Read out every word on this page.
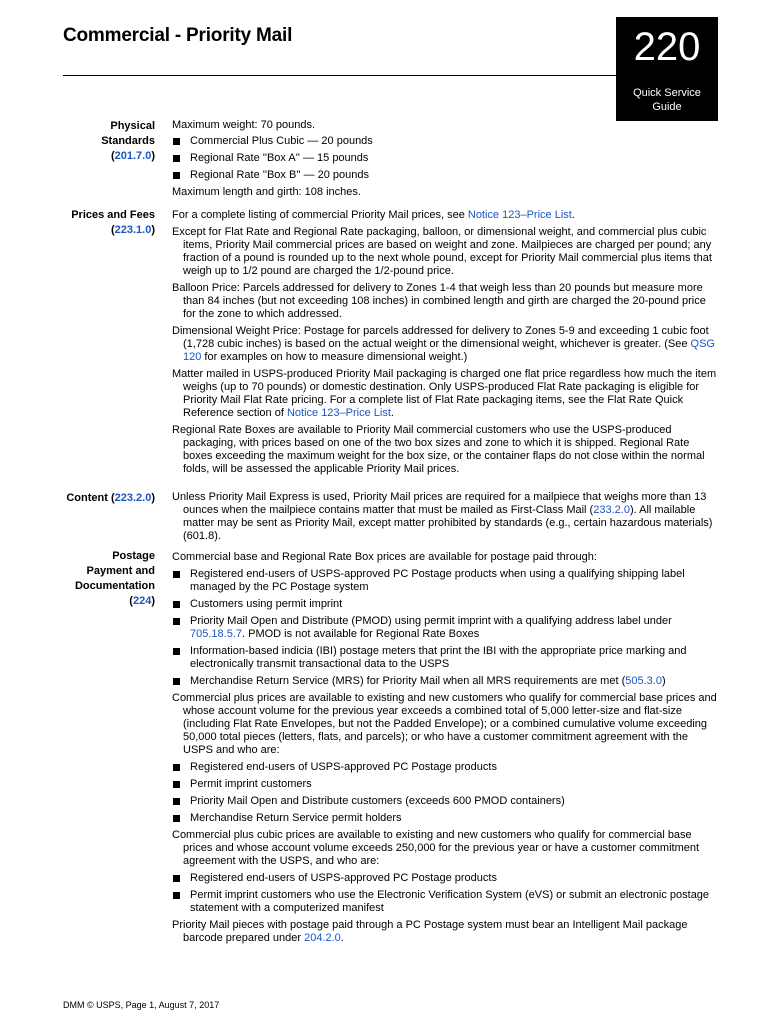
Commercial - Priority Mail	220
Quick Service
Guide
Physical
Standards
(201.7.0)
Maximum weight: 70 pounds.
Commercial Plus Cubic — 20 pounds
Regional Rate ''Box A'' — 15 pounds
Regional Rate ''Box B'' — 20 pounds
Maximum length and girth: 108 inches.
Prices and Fees
(223.1.0)
For a complete listing of commercial Priority Mail prices, see Notice 123–Price List.
Except for Flat Rate and Regional Rate packaging, balloon, or dimensional weight, and commercial plus cubic items, Priority Mail commercial prices are based on weight and zone. Mailpieces are charged per pound; any fraction of a pound is rounded up to the next whole pound, except for Priority Mail commercial plus items that weigh up to 1/2 pound are charged the 1/2-pound price.
Balloon Price: Parcels addressed for delivery to Zones 1-4 that weigh less than 20 pounds but measure more than 84 inches (but not exceeding 108 inches) in combined length and girth are charged the 20-pound price for the zone to which addressed.
Dimensional Weight Price: Postage for parcels addressed for delivery to Zones 5-9 and exceeding 1 cubic foot (1,728 cubic inches) is based on the actual weight or the dimensional weight, whichever is greater. (See QSG 120 for examples on how to measure dimensional weight.)
Matter mailed in USPS-produced Priority Mail packaging is charged one flat price regardless how much the item weighs (up to 70 pounds) or domestic destination. Only USPS-produced Flat Rate packaging is eligible for Priority Mail Flat Rate pricing. For a complete list of Flat Rate packaging items, see the Flat Rate Quick Reference section of Notice 123–Price List.
Regional Rate Boxes are available to Priority Mail commercial customers who use the USPS-produced packaging, with prices based on one of the two box sizes and zone to which it is shipped. Regional Rate boxes exceeding the maximum weight for the box size, or the container flaps do not close within the normal folds, will be assessed the applicable Priority Mail prices.
Content (223.2.0) Unless Priority Mail Express is used, Priority Mail prices are required for a mailpiece that weighs more than 13 ounces when the mailpiece contains matter that must be mailed as First-Class Mail (233.2.0). All mailable matter may be sent as Priority Mail, except matter prohibited by standards (e.g., certain hazardous materials) (601.8).
Postage
Payment and
Documentation
(224)
Commercial base and Regional Rate Box prices are available for postage paid through:
Registered end-users of USPS-approved PC Postage products when using a qualifying shipping label managed by the PC Postage system
Customers using permit imprint
Priority Mail Open and Distribute (PMOD) using permit imprint with a qualifying address label under 705.18.5.7. PMOD is not available for Regional Rate Boxes
Information-based indicia (IBI) postage meters that print the IBI with the appropriate price marking and electronically transmit transactional data to the USPS
Merchandise Return Service (MRS) for Priority Mail when all MRS requirements are met (505.3.0)
Commercial plus prices are available to existing and new customers who qualify for commercial base prices and whose account volume for the previous year exceeds a combined total of 5,000 letter-size and flat-size (including Flat Rate Envelopes, but not the Padded Envelope); or a combined cumulative volume exceeding 50,000 total pieces (letters, flats, and parcels); or who have a customer commitment agreement with the USPS and who are:
Registered end-users of USPS-approved PC Postage products
Permit imprint customers
Priority Mail Open and Distribute customers (exceeds 600 PMOD containers)
Merchandise Return Service permit holders
Commercial plus cubic prices are available to existing and new customers who qualify for commercial base prices and whose account volume exceeds 250,000 for the previous year or have a customer commitment agreement with the USPS, and who are:
Registered end-users of USPS-approved PC Postage products
Permit imprint customers who use the Electronic Verification System (eVS) or submit an electronic postage statement with a computerized manifest
Priority Mail pieces with postage paid through a PC Postage system must bear an Intelligent Mail package barcode prepared under 204.2.0.
DMM © USPS, Page 1, August 7, 2017
